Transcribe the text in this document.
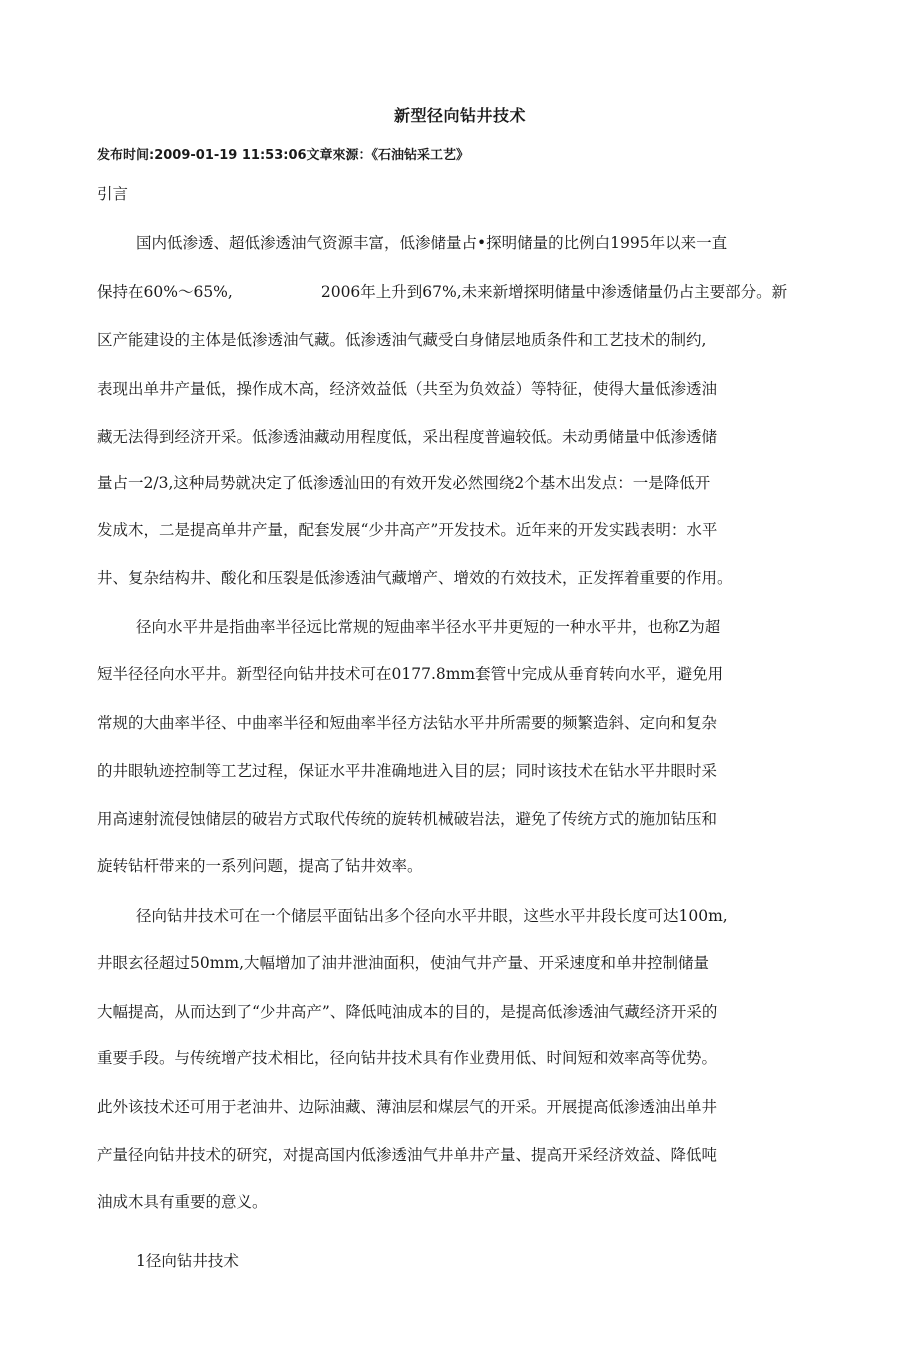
新型径向钻井技术
发布时间:2009-01-19 11:53:06文章來源：《石油钻采工艺》
引言
国内低渗透、超低渗透油气资源丰富，低渗储量占•探明储量的比例白1995年以来一直
保持在60%〜65%,	2006年上升到67%,未来新增探明储量中渗透储量仍占主要部分。新
区产能建设的主体是低渗透油气藏。低渗透油气藏受白身储层地质条件和工艺技术的制约,
表现出单井产量低，操作成木高，经济效益低（共至为负效益）等特征，使得大量低渗透油
藏无法得到经济开采。低渗透油藏动用程度低，采出程度普遍较低。未动勇储量中低渗透储
量占一2/3,这种局势就决定了低渗透汕田的有效开发必然囤绕2个基木出发点：一是降低开
发成木，二是提高单井产量，配套发展“少井高产”开发技术。近年来的开发实践表明：水平
井、复杂结构井、酸化和压裂是低渗透油气藏增产、增效的冇效技术，正发挥着重要的作用。
径向水平井是指曲率半径远比常规的短曲率半径水平井更短的一种水平井，也称Z为超
短半径径向水平井。新型径向钻井技术可在0177.8mm套管屮完成从垂育转向水平，避免用
常规的大曲率半径、中曲率半径和短曲率半径方法钻水平井所需要的频繁造斜、定向和复杂
的井眼轨迹控制等工艺过程，保证水平井准确地进入目的层；同时该技术在钻水平井眼时采
用高速射流侵蚀储层的破岩方式取代传统的旋转机械破岩法，避免了传统方式的施加钻压和
旋转钻杆带来的一系列问题，提高了钻井效率。
径向钻井技术可在一个储层平面钻出多个径向水平井眼，这些水平井段长度可达100m,
井眼玄径超过50mm,大幅增加了油井泄油面积，使油气井产量、开采速度和单井控制储量
大幅提高，从而达到了“少井高产”、降低吨油成本的目的，是提高低渗透油气藏经济开采的
重要手段。与传统增产技术相比，径向钻井技术具有作业费用低、时间短和效率高等优势。
此外该技术还可用于老油井、边际油藏、薄油层和煤层气的开采。开展提高低渗透油出单井
产量径向钻井技术的研究，对提高国内低渗透油气井单井产量、提高开采经济效益、降低吨
油成木具有重要的意义。
1径向钻井技术
